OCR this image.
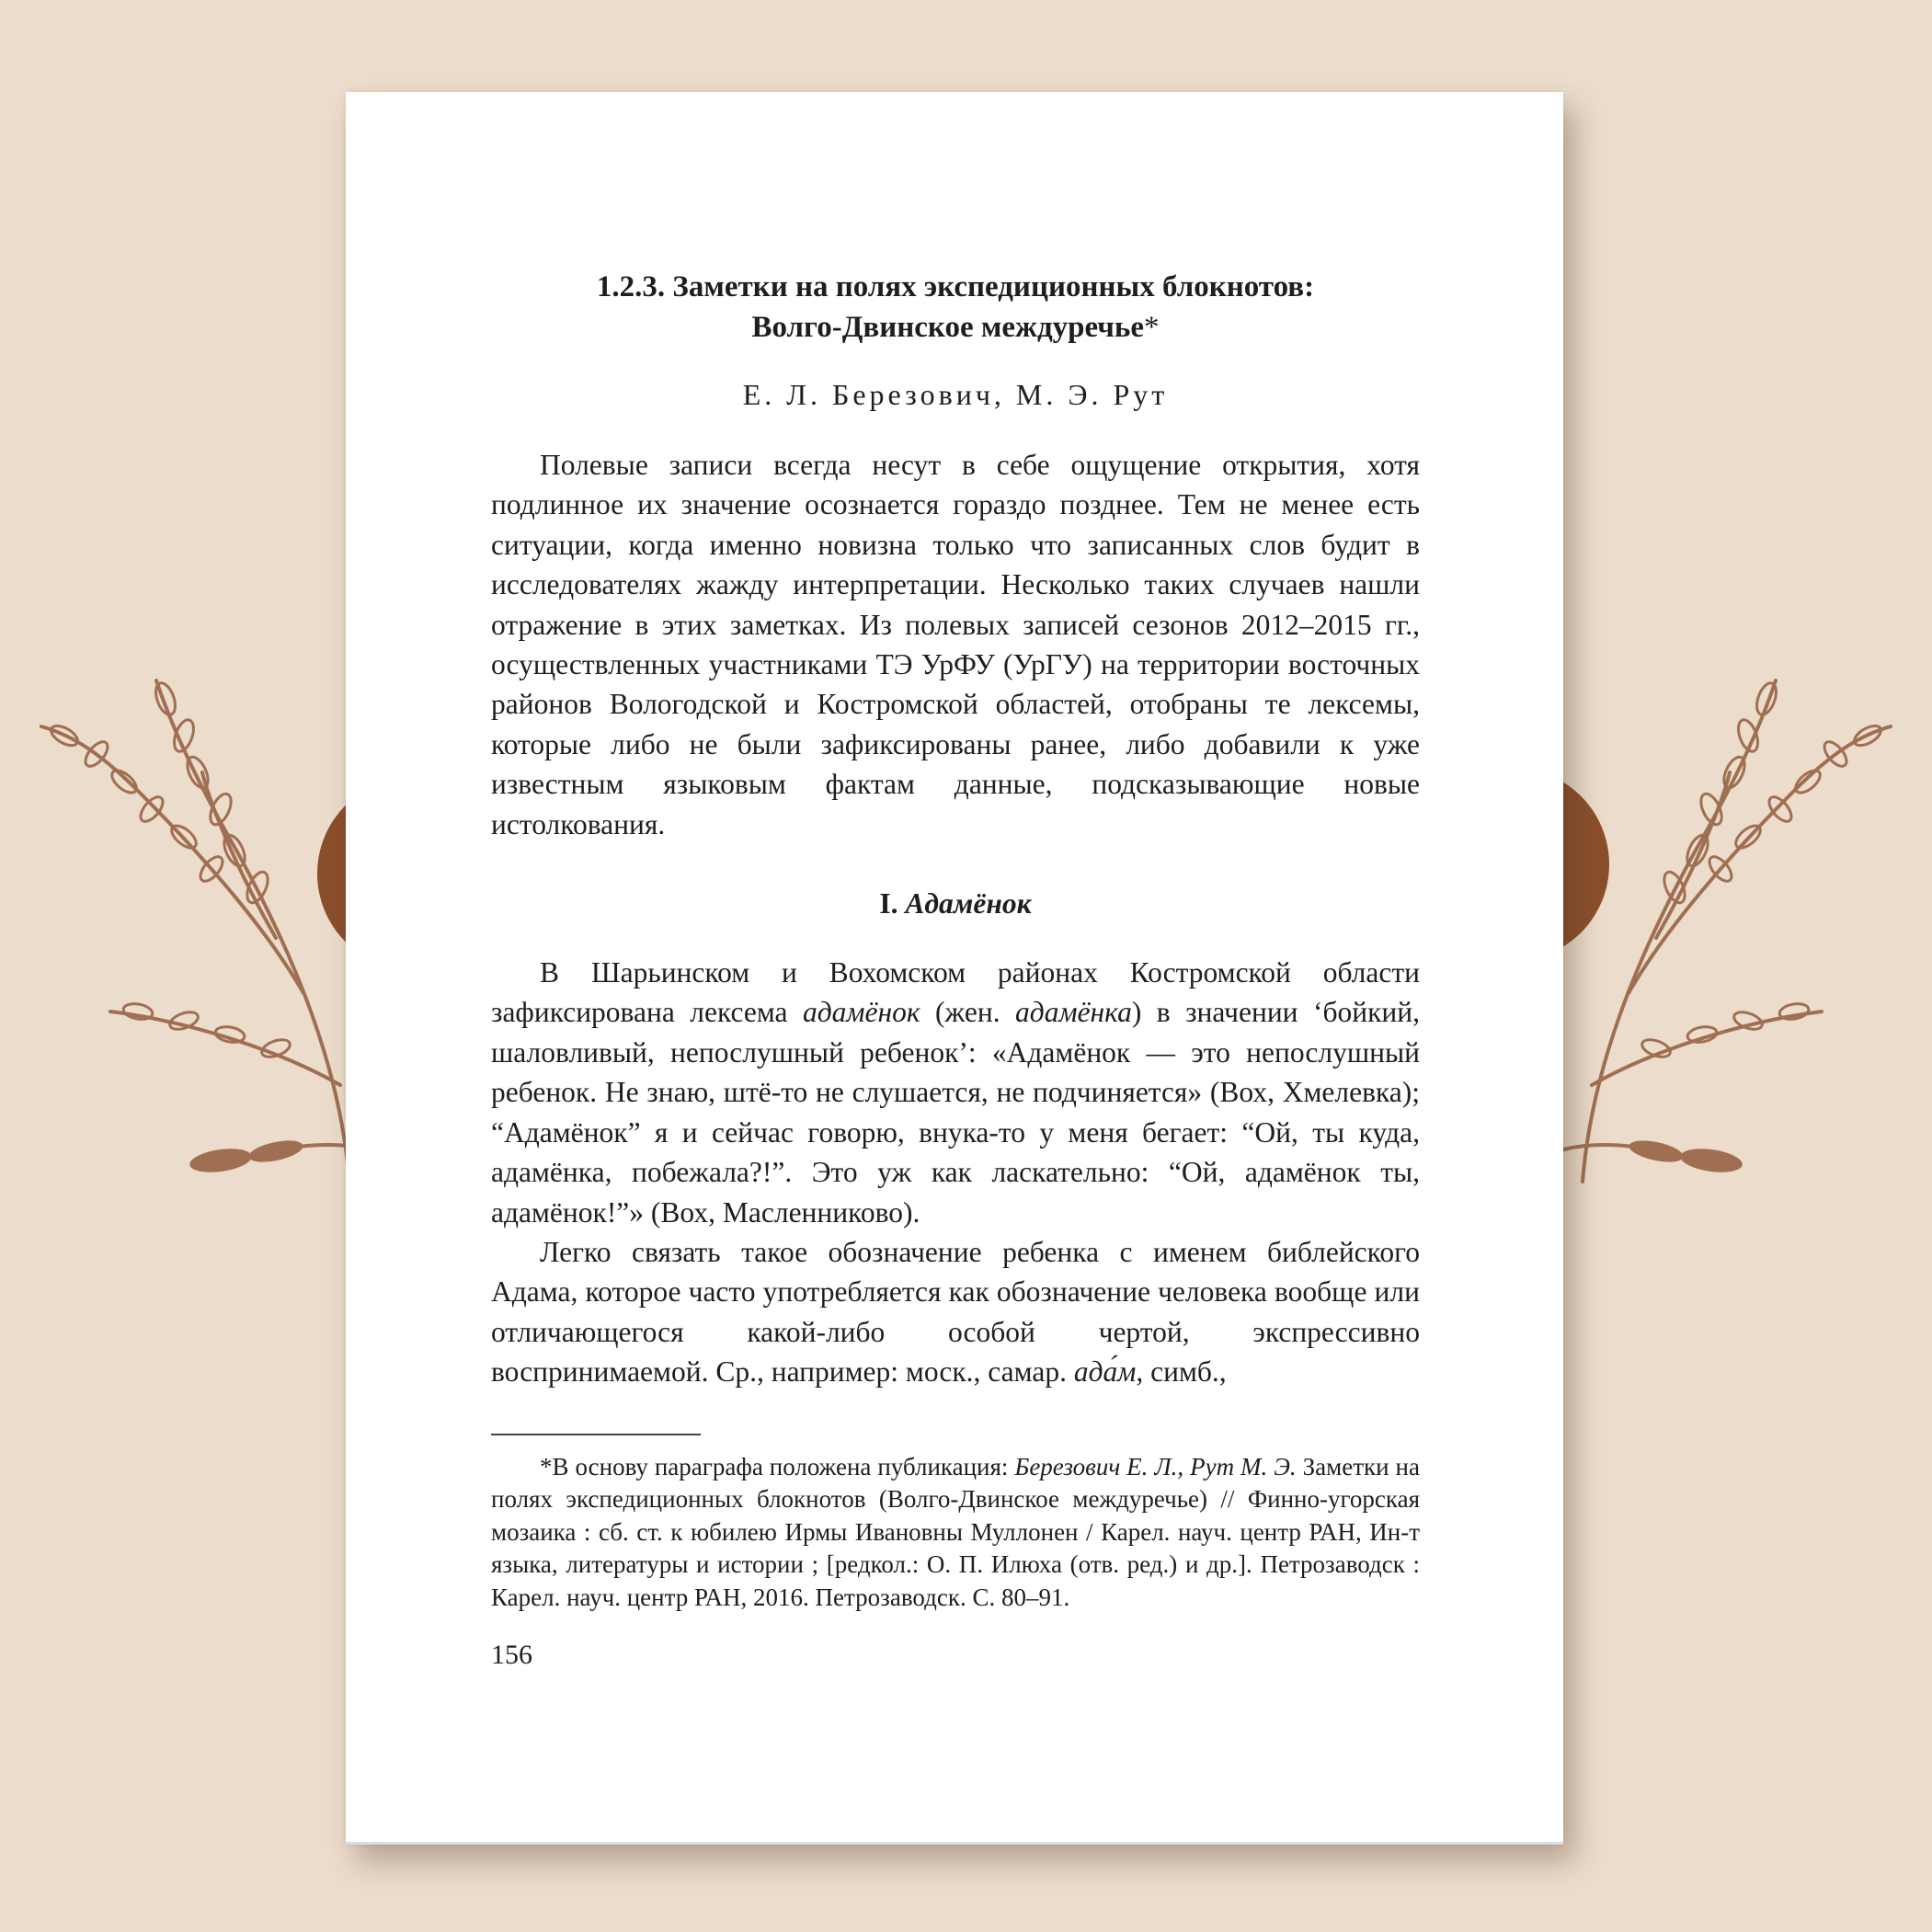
1.2.3. Заметки на полях экспедиционных блокнотов:
Волго-Двинское междуречье*
Е. Л. Березович, М. Э. Рут

Полевые записи всегда несут в себе ощущение открытия, хотя подлинное их значение осознается гораздо позднее. Тем не менее есть ситуации, когда именно новизна только что записанных слов будит в исследователях жажду интерпретации. Несколько таких случаев нашли отражение в этих заметках. Из полевых записей сезонов 2012–2015 гг., осуществленных участниками ТЭ УрФУ (УрГУ) на территории восточных районов Вологодской и Костромской областей, отобраны те лексемы, которые либо не были зафиксированы ранее, либо добавили к уже известным языковым фактам данные, подсказывающие новые истолкования.

I. Адамёнок

В Шарьинском и Вохомском районах Костромской области зафиксирована лексема адамёнок (жен. адамёнка) в значении ‘бойкий, шаловливый, непослушный ребенок’: «Адамёнок — это непослушный ребенок. Не знаю, штё-то не слушается, не подчиняется» (Вох, Хмелевка); “Адамёнок” я и сейчас говорю, внука-то у меня бегает: “Ой, ты куда, адамёнка, побежала?!”. Это уж как ласкательно: “Ой, адамёнок ты, адамёнок!”» (Вох, Масленниково).

Легко связать такое обозначение ребенка с именем библейского Адама, которое часто употребляется как обозначение человека вообще или отличающегося какой-либо особой чертой, экспрессивно воспринимаемой. Ср., например: моск., самар. ада́м, симб.,

*В основу параграфа положена публикация: Березович Е. Л., Рут М. Э. Заметки на полях экспедиционных блокнотов (Волго-Двинское междуречье) // Финно-угорская мозаика : сб. ст. к юбилею Ирмы Ивановны Муллонен / Карел. науч. центр РАН, Ин-т языка, литературы и истории ; [редкол.: О. П. Илюха (отв. ред.) и др.]. Петрозаводск : Карел. науч. центр РАН, 2016. Петрозаводск. С. 80–91.
156
